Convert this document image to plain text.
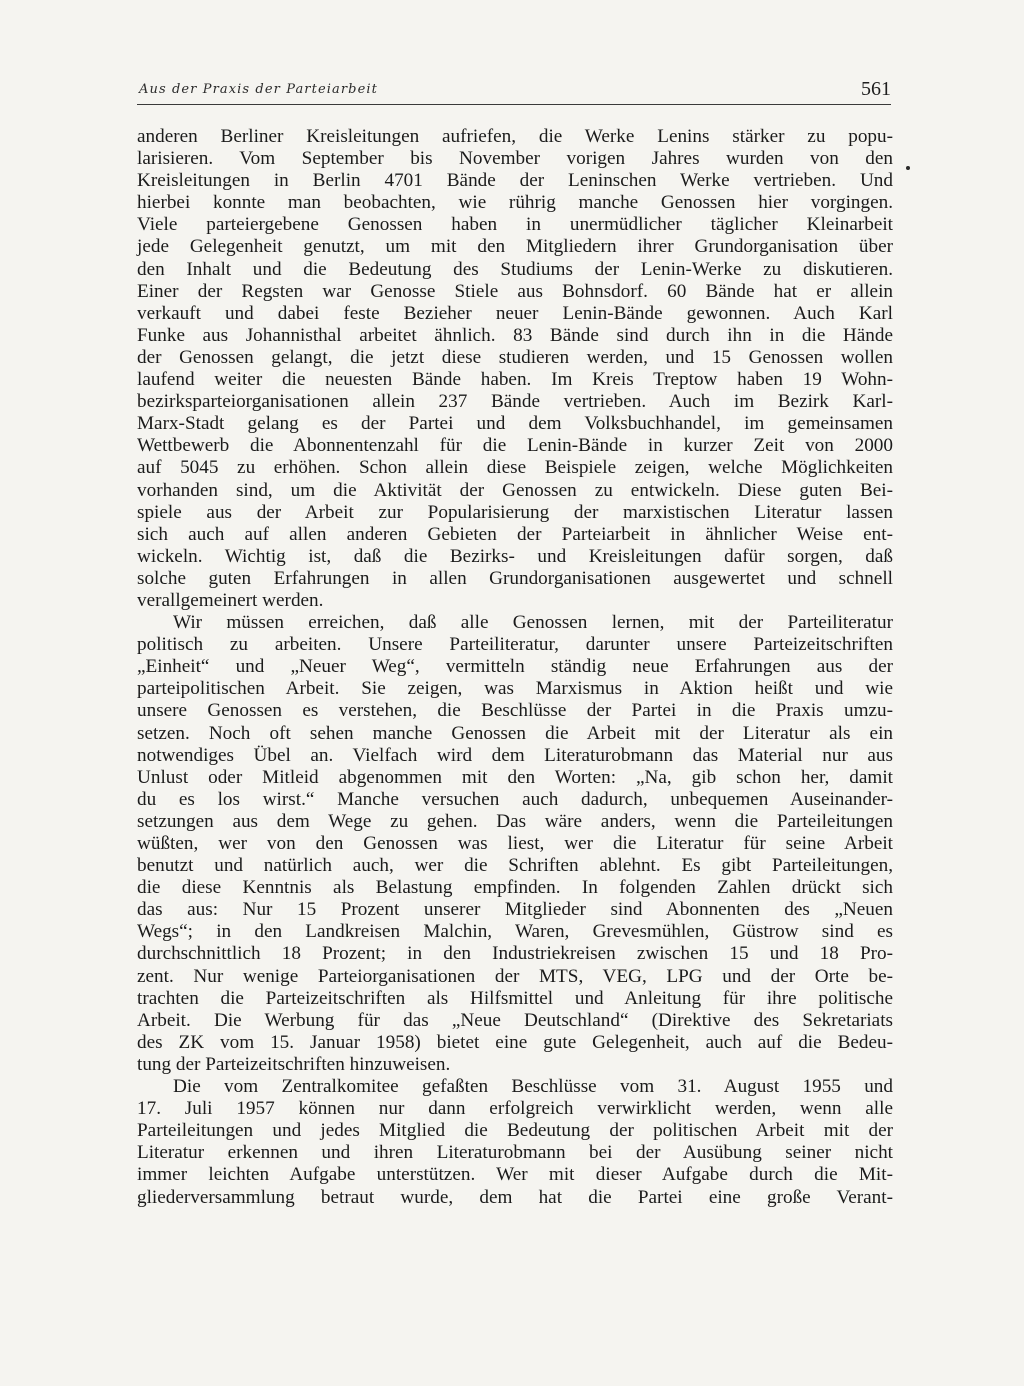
Aus der Praxis der Parteiarbeit	561
anderen Berliner Kreisleitungen aufriefen, die Werke Lenins stärker zu popu-
larisieren. Vom September bis November vorigen Jahres wurden von den
Kreisleitungen in Berlin 4701 Bände der Leninschen Werke vertrieben. Und
hierbei konnte man beobachten, wie rührig manche Genossen hier vorgingen.
Viele parteiergebene Genossen haben in unermüdlicher täglicher Kleinarbeit
jede Gelegenheit genutzt, um mit den Mitgliedern ihrer Grundorganisation über
den Inhalt und die Bedeutung des Studiums der Lenin-Werke zu diskutieren.
Einer der Regsten war Genosse Stiele aus Bohnsdorf. 60 Bände hat er allein
verkauft und dabei feste Bezieher neuer Lenin-Bände gewonnen. Auch Karl
Funke aus Johannisthal arbeitet ähnlich. 83 Bände sind durch ihn in die Hände
der Genossen gelangt, die jetzt diese studieren werden, und 15 Genossen wollen
laufend weiter die neuesten Bände haben. Im Kreis Treptow haben 19 Wohn-
bezirksparteiorganisationen allein 237 Bände vertrieben. Auch im Bezirk Karl-
Marx-Stadt gelang es der Partei und dem Volksbuchhandel, im gemeinsamen
Wettbewerb die Abonnentenzahl für die Lenin-Bände in kurzer Zeit von 2000
auf 5045 zu erhöhen. Schon allein diese Beispiele zeigen, welche Möglichkeiten
vorhanden sind, um die Aktivität der Genossen zu entwickeln. Diese guten Bei-
spiele aus der Arbeit zur Popularisierung der marxistischen Literatur lassen
sich auch auf allen anderen Gebieten der Parteiarbeit in ähnlicher Weise ent-
wickeln. Wichtig ist, daß die Bezirks- und Kreisleitungen dafür sorgen, daß
solche guten Erfahrungen in allen Grundorganisationen ausgewertet und schnell
verallgemeinert werden.
Wir müssen erreichen, daß alle Genossen lernen, mit der Parteiliteratur
politisch zu arbeiten. Unsere Parteiliteratur, darunter unsere Parteizeitschriften
„Einheit“ und „Neuer Weg“, vermitteln ständig neue Erfahrungen aus der
parteipolitischen Arbeit. Sie zeigen, was Marxismus in Aktion heißt und wie
unsere Genossen es verstehen, die Beschlüsse der Partei in die Praxis umzu-
setzen. Noch oft sehen manche Genossen die Arbeit mit der Literatur als ein
notwendiges Übel an. Vielfach wird dem Literaturobmann das Material nur aus
Unlust oder Mitleid abgenommen mit den Worten: „Na, gib schon her, damit
du es los wirst.“ Manche versuchen auch dadurch, unbequemen Auseinander-
setzungen aus dem Wege zu gehen. Das wäre anders, wenn die Parteileitungen
wüßten, wer von den Genossen was liest, wer die Literatur für seine Arbeit
benutzt und natürlich auch, wer die Schriften ablehnt. Es gibt Parteileitungen,
die diese Kenntnis als Belastung empfinden. In folgenden Zahlen drückt sich
das aus: Nur 15 Prozent unserer Mitglieder sind Abonnenten des „Neuen
Wegs“; in den Landkreisen Malchin, Waren, Grevesmühlen, Güstrow sind es
durchschnittlich 18 Prozent; in den Industriekreisen zwischen 15 und 18 Pro-
zent. Nur wenige Parteiorganisationen der MTS, VEG, LPG und der Orte be-
trachten die Parteizeitschriften als Hilfsmittel und Anleitung für ihre politische
Arbeit. Die Werbung für das „Neue Deutschland“ (Direktive des Sekretariats
des ZK vom 15. Januar 1958) bietet eine gute Gelegenheit, auch auf die Bedeu-
tung der Parteizeitschriften hinzuweisen.
Die vom Zentralkomitee gefaßten Beschlüsse vom 31. August 1955 und
17. Juli 1957 können nur dann erfolgreich verwirklicht werden, wenn alle
Parteileitungen und jedes Mitglied die Bedeutung der politischen Arbeit mit der
Literatur erkennen und ihren Literaturobmann bei der Ausübung seiner nicht
immer leichten Aufgabe unterstützen. Wer mit dieser Aufgabe durch die Mit-
gliederversammlung betraut wurde, dem hat die Partei eine große Verant-
